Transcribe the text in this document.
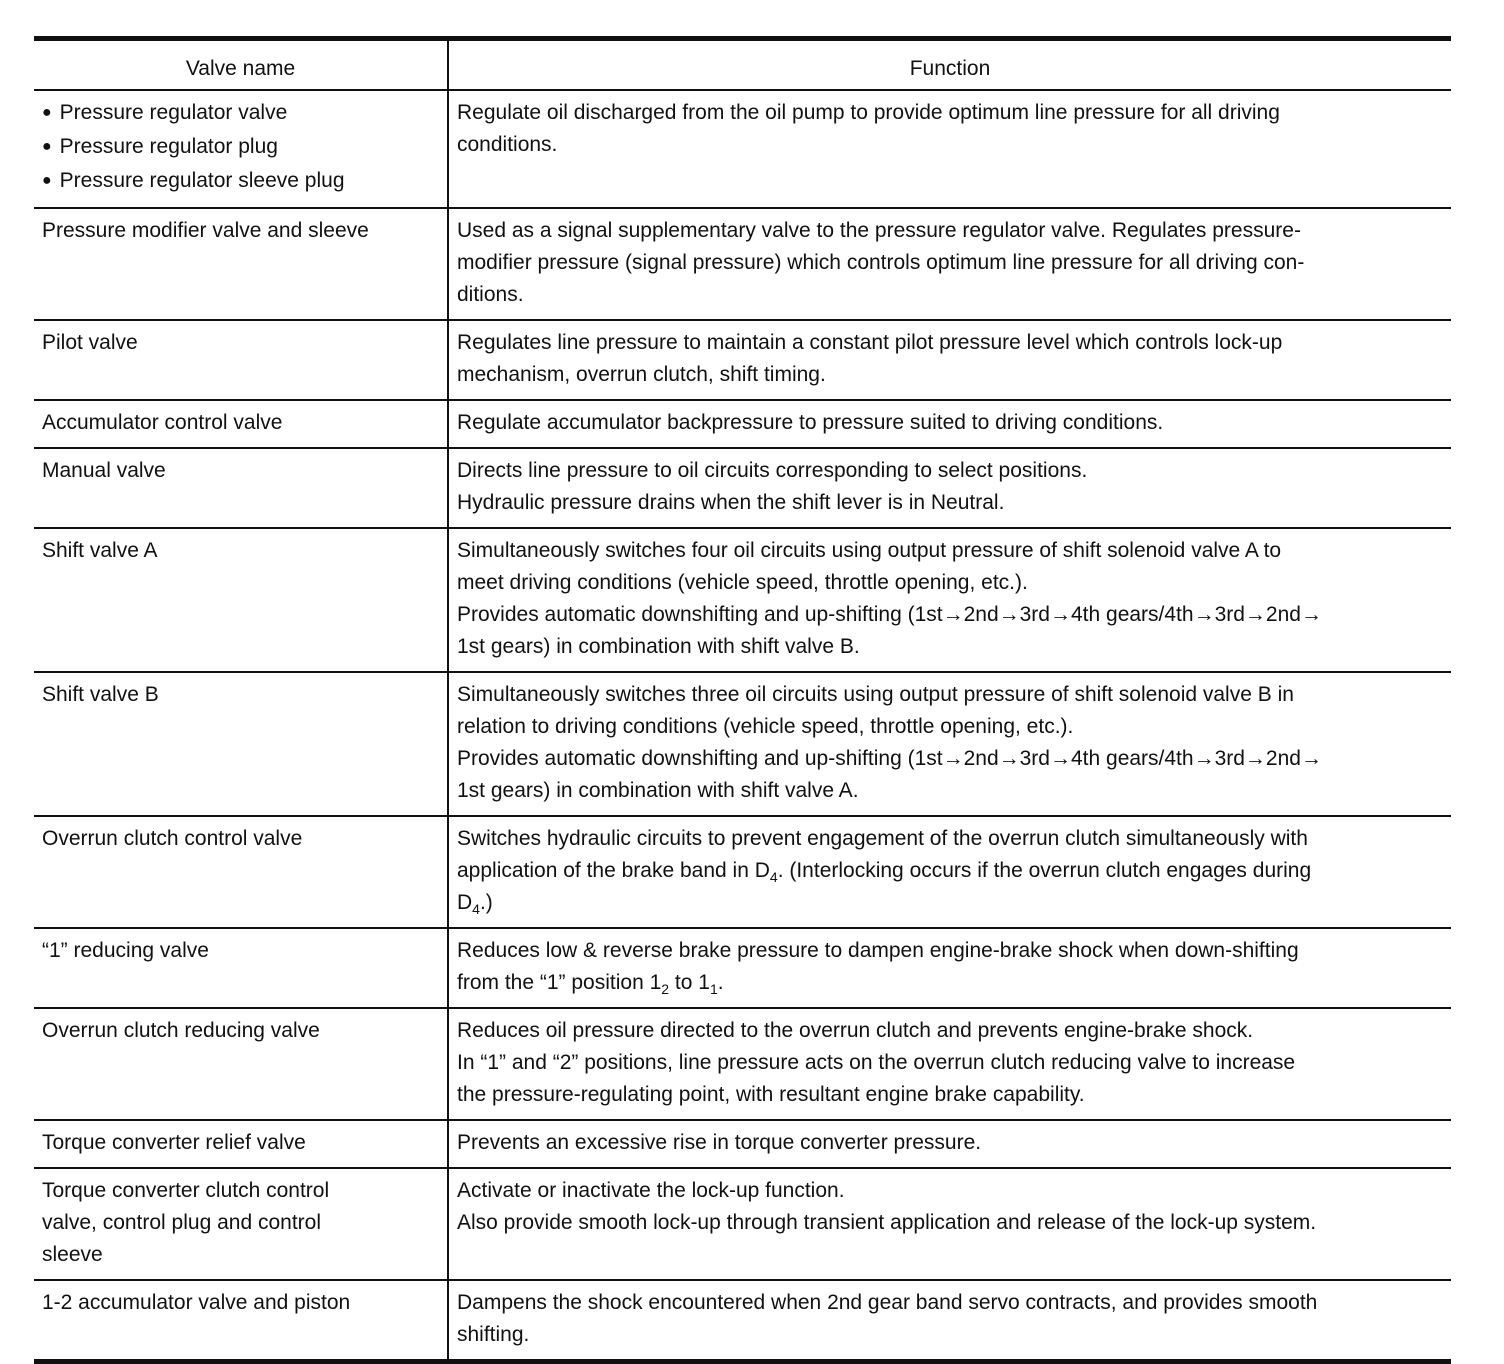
Valve name	Function

● Pressure regulator valve
● Pressure regulator plug
● Pressure regulator sleeve plug	Regulate oil discharged from the oil pump to provide optimum line pressure for all driving
conditions.

Pressure modifier valve and sleeve	Used as a signal supplementary valve to the pressure regulator valve. Regulates pressure-
modifier pressure (signal pressure) which controls optimum line pressure for all driving con-
ditions.

Pilot valve	Regulates line pressure to maintain a constant pilot pressure level which controls lock-up
mechanism, overrun clutch, shift timing.

Accumulator control valve	Regulate accumulator backpressure to pressure suited to driving conditions.

Manual valve	Directs line pressure to oil circuits corresponding to select positions.
Hydraulic pressure drains when the shift lever is in Neutral.

Shift valve A	Simultaneously switches four oil circuits using output pressure of shift solenoid valve A to
meet driving conditions (vehicle speed, throttle opening, etc.).
Provides automatic downshifting and up-shifting (1st→2nd→3rd→4th gears/4th→3rd→2nd→
1st gears) in combination with shift valve B.

Shift valve B	Simultaneously switches three oil circuits using output pressure of shift solenoid valve B in
relation to driving conditions (vehicle speed, throttle opening, etc.).
Provides automatic downshifting and up-shifting (1st→2nd→3rd→4th gears/4th→3rd→2nd→
1st gears) in combination with shift valve A.

Overrun clutch control valve	Switches hydraulic circuits to prevent engagement of the overrun clutch simultaneously with
application of the brake band in $D_4$. (Interlocking occurs if the overrun clutch engages during
$D_4$.)

“1” reducing valve	Reduces low & reverse brake pressure to dampen engine-brake shock when down-shifting
from the “1” position $1_2$ to $1_1$.

Overrun clutch reducing valve	Reduces oil pressure directed to the overrun clutch and prevents engine-brake shock.
In “1” and “2” positions, line pressure acts on the overrun clutch reducing valve to increase
the pressure-regulating point, with resultant engine brake capability.

Torque converter relief valve	Prevents an excessive rise in torque converter pressure.

Torque converter clutch control
valve, control plug and control
sleeve	Activate or inactivate the lock-up function.
Also provide smooth lock-up through transient application and release of the lock-up system.

1-2 accumulator valve and piston	Dampens the shock encountered when 2nd gear band servo contracts, and provides smooth
shifting.
